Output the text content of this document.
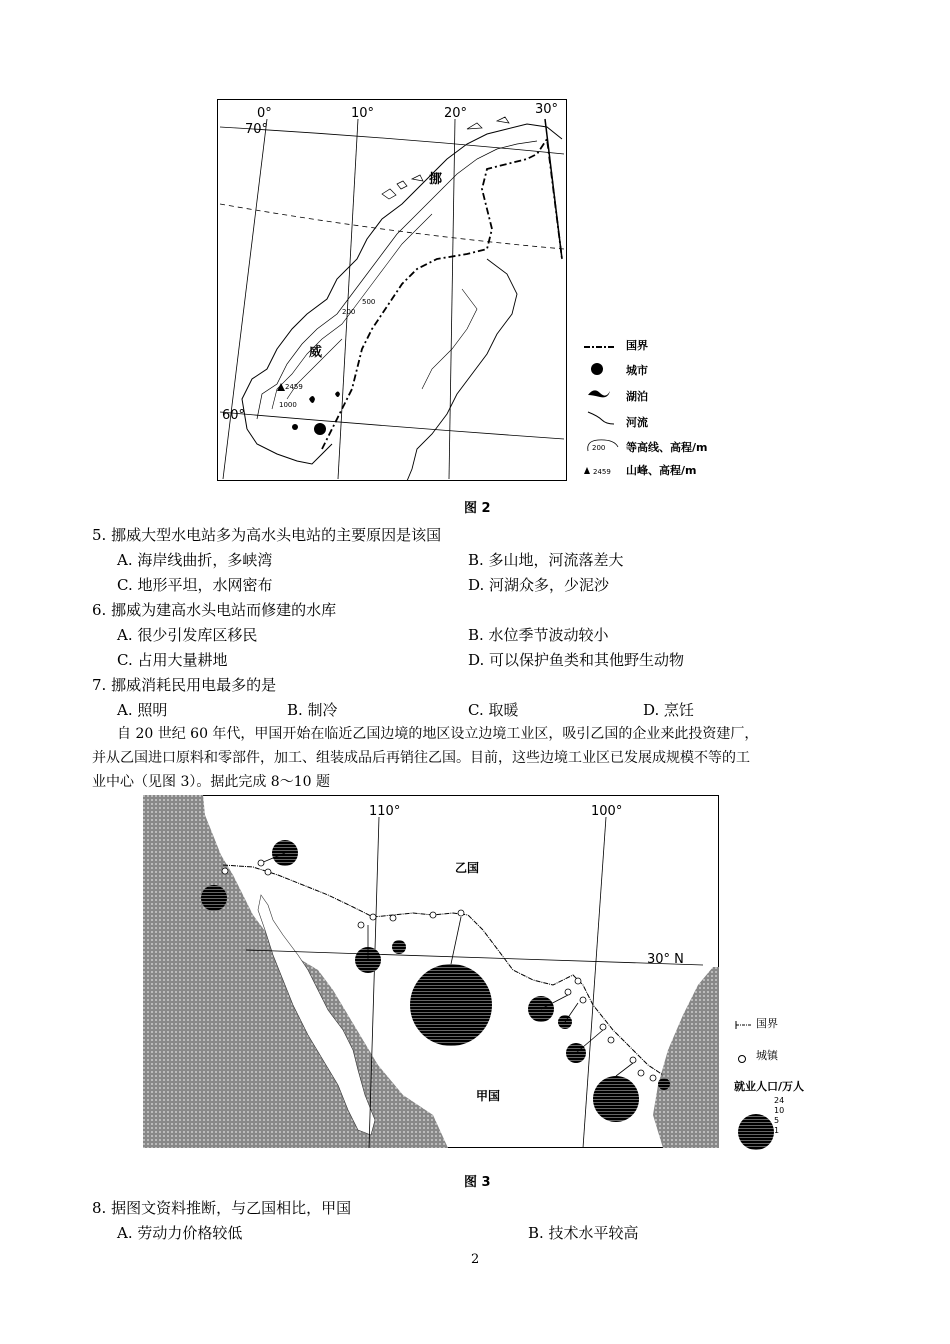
70°
60°
0°	10°	20°	30°
挪
威
200
500
1000
2459
国界
城市
湖泊
河流
200 等高线、高程/m
2459 山峰、高程/m
图 2
5. 挪威大型水电站多为高水头电站的主要原因是该国
A. 海岸线曲折，多峡湾	B. 多山地，河流落差大
C. 地形平坦，水网密布	D. 河湖众多，少泥沙
6. 挪威为建高水头电站而修建的水库
A. 很少引发库区移民	B. 水位季节波动较小
C. 占用大量耕地	D. 可以保护鱼类和其他野生动物
7. 挪威消耗民用电最多的是
A. 照明	B. 制冷	C. 取暖	D. 烹饪
自 20 世纪 60 年代，甲国开始在临近乙国边境的地区设立边境工业区，吸引乙国的企业来此投资建厂，
并从乙国进口原料和零部件，加工、组装成品后再销往乙国。目前，这些边境工业区已发展成规模不等的工
业中心（见图 3）。据此完成 8～10 题
110°	100°
30° N
乙国
甲国
国界
城镇
就业人口/万人
24
10
5
1
图 3
8. 据图文资料推断，与乙国相比，甲国
A. 劳动力价格较低	B. 技术水平较高
2
